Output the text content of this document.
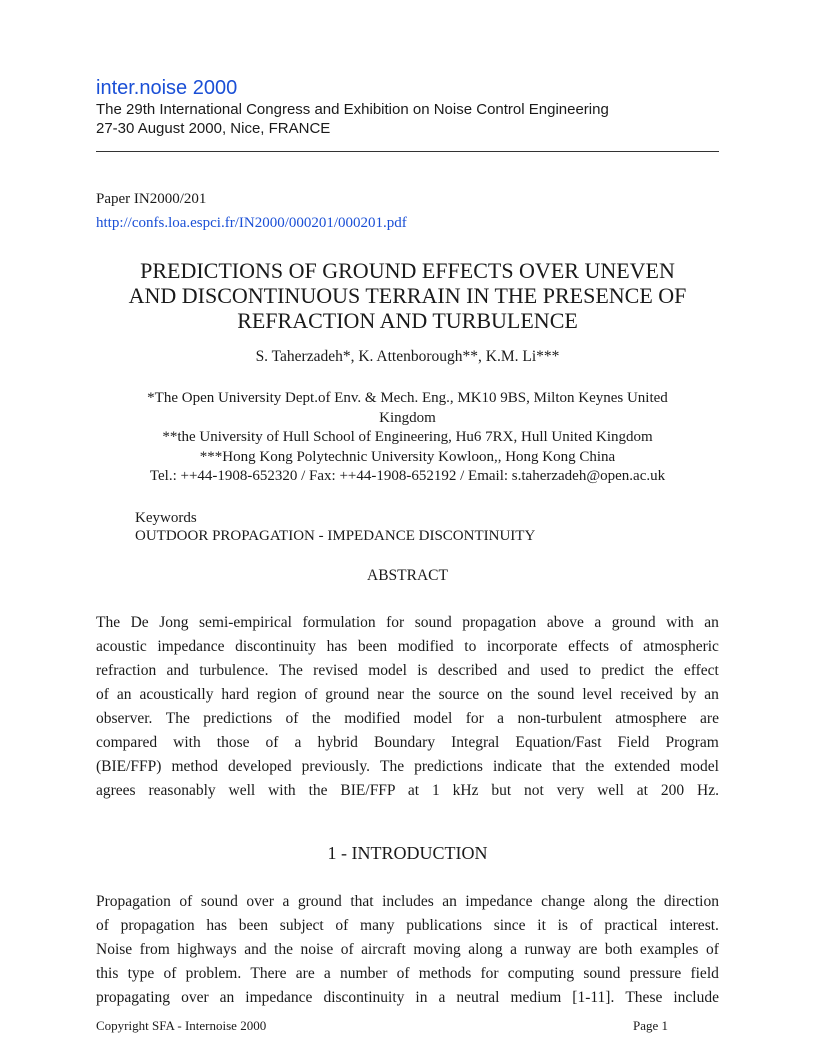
inter.noise 2000
The 29th International Congress and Exhibition on Noise Control Engineering
27-30 August 2000, Nice, FRANCE
Paper IN2000/201
http://confs.loa.espci.fr/IN2000/000201/000201.pdf
PREDICTIONS OF GROUND EFFECTS OVER UNEVEN
AND DISCONTINUOUS TERRAIN IN THE PRESENCE OF
REFRACTION AND TURBULENCE
S. Taherzadeh*, K. Attenborough**, K.M. Li***
*The Open University Dept.of Env. & Mech. Eng., MK10 9BS, Milton Keynes United
Kingdom
**the University of Hull School of Engineering, Hu6 7RX, Hull United Kingdom
***Hong Kong Polytechnic University Kowloon,, Hong Kong China
Tel.: ++44-1908-652320 / Fax: ++44-1908-652192 / Email: s.taherzadeh@open.ac.uk
Keywords
OUTDOOR PROPAGATION - IMPEDANCE DISCONTINUITY
ABSTRACT
The De Jong semi-empirical formulation for sound propagation above a ground with an
acoustic impedance discontinuity has been modified to incorporate effects of atmospheric
refraction and turbulence. The revised model is described and used to predict the effect
of an acoustically hard region of ground near the source on the sound level received by an
observer. The predictions of the modified model for a non-turbulent atmosphere are
compared with those of a hybrid Boundary Integral Equation/Fast Field Program
(BIE/FFP) method developed previously. The predictions indicate that the extended model
agrees reasonably well with the BIE/FFP at 1 kHz but not very well at 200 Hz.
1 - INTRODUCTION
Propagation of sound over a ground that includes an impedance change along the direction
of propagation has been subject of many publications since it is of practical interest.
Noise from highways and the noise of aircraft moving along a runway are both examples of
this type of problem. There are a number of methods for computing sound pressure field
propagating over an impedance discontinuity in a neutral medium [1-11]. These include
Copyright SFA - Internoise 2000	Page 1
